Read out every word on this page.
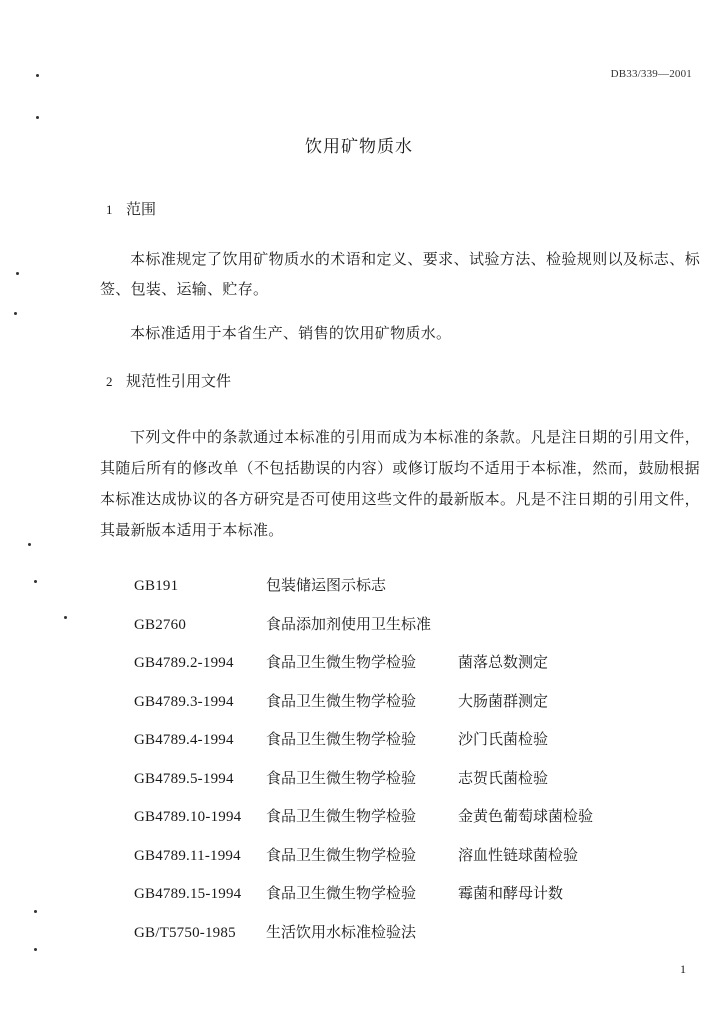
DB33/339—2001
饮用矿物质水
1 范围
本标准规定了饮用矿物质水的术语和定义、要求、试验方法、检验规则以及标志、标签、包装、运输、贮存。
本标准适用于本省生产、销售的饮用矿物质水。
2 规范性引用文件
下列文件中的条款通过本标准的引用而成为本标准的条款。凡是注日期的引用文件，其随后所有的修改单（不包括勘误的内容）或修订版均不适用于本标准，然而，鼓励根据本标准达成协议的各方研究是否可使用这些文件的最新版本。凡是不注日期的引用文件，其最新版本适用于本标准。
GB191	包装储运图示标志
GB2760	食品添加剂使用卫生标准
GB4789.2-1994	食品卫生微生物学检验	菌落总数测定
GB4789.3-1994	食品卫生微生物学检验	大肠菌群测定
GB4789.4-1994	食品卫生微生物学检验	沙门氏菌检验
GB4789.5-1994	食品卫生微生物学检验	志贺氏菌检验
GB4789.10-1994	食品卫生微生物学检验	金黄色葡萄球菌检验
GB4789.11-1994	食品卫生微生物学检验	溶血性链球菌检验
GB4789.15-1994	食品卫生微生物学检验	霉菌和酵母计数
GB/T5750-1985	生活饮用水标准检验法
1
